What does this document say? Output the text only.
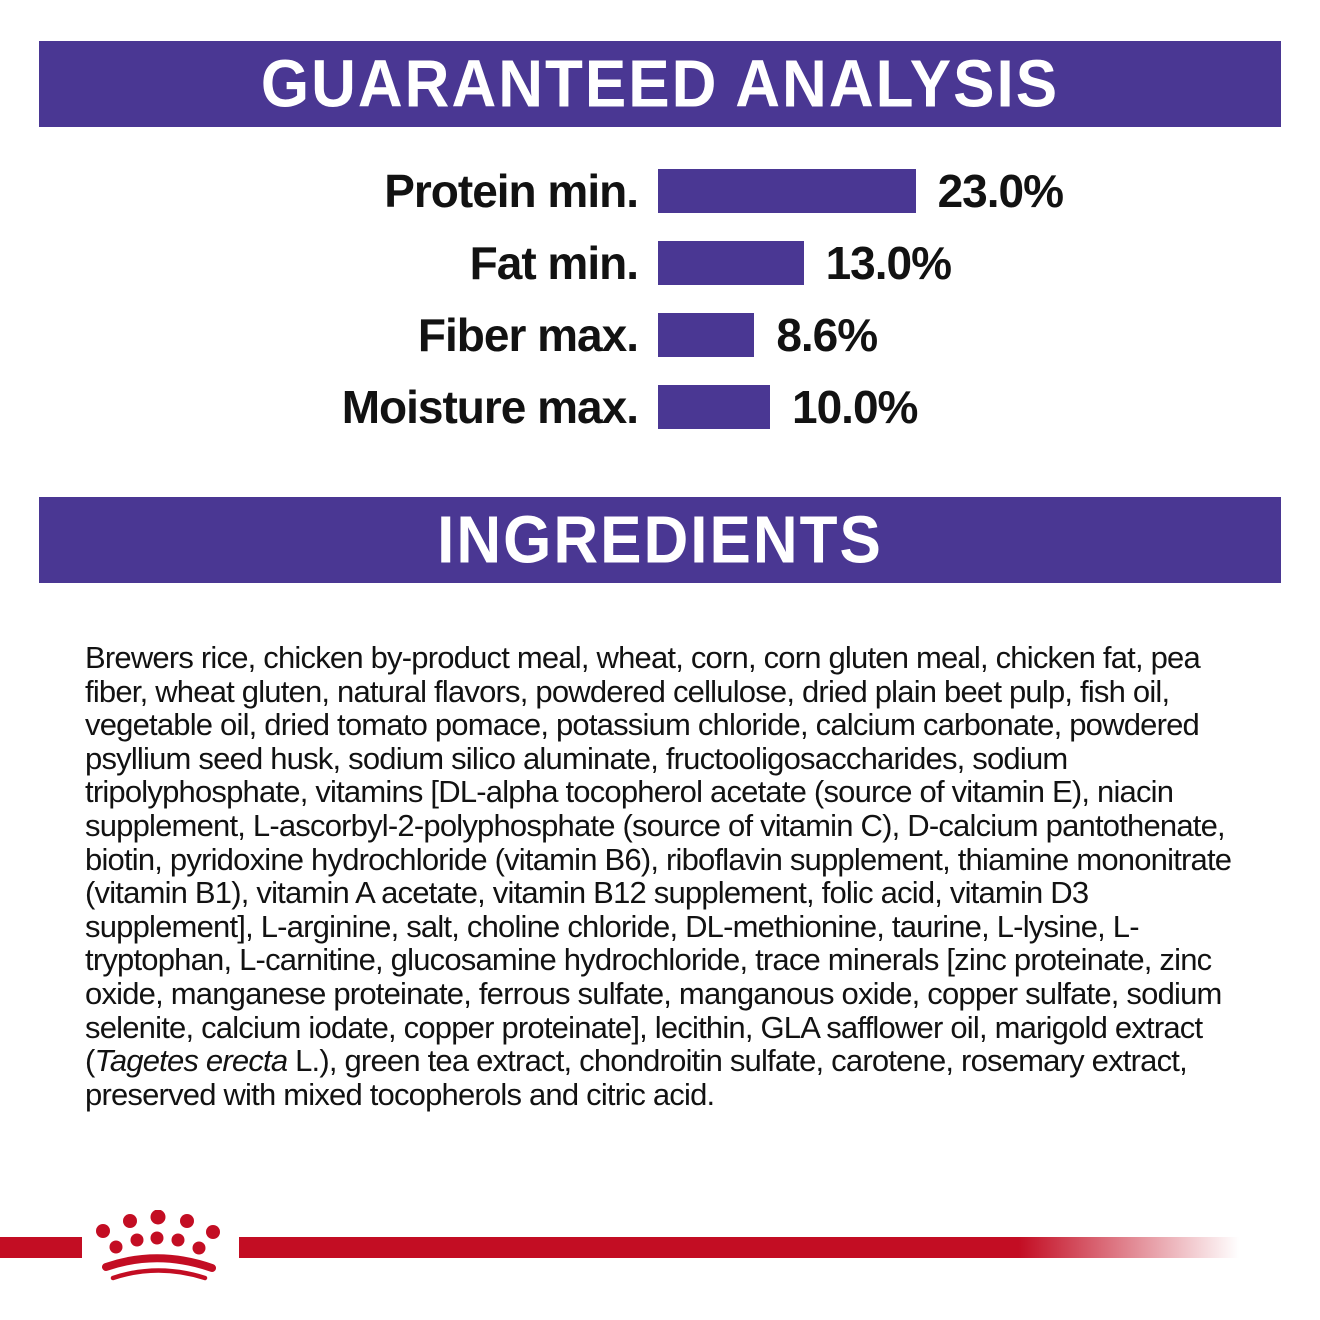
GUARANTEED ANALYSIS
Protein min.	23.0%
Fat min.	13.0%
Fiber max.	8.6%
Moisture max.	10.0%
INGREDIENTS

Brewers rice, chicken by-product meal, wheat, corn, corn gluten meal, chicken fat, pea fiber, wheat gluten, natural flavors, powdered cellulose, dried plain beet pulp, fish oil, vegetable oil, dried tomato pomace, potassium chloride, calcium carbonate, powdered psyllium seed husk, sodium silico aluminate, fructooligosaccharides, sodium tripolyphosphate, vitamins [DL-alpha tocopherol acetate (source of vitamin E), niacin supplement, L-ascorbyl-2-polyphosphate (source of vitamin C), D-calcium pantothenate, biotin, pyridoxine hydrochloride (vitamin B6), riboflavin supplement, thiamine mononitrate (vitamin B1), vitamin A acetate, vitamin B12 supplement, folic acid, vitamin D3 supplement], L-arginine, salt, choline chloride, DL-methionine, taurine, L-lysine, L-tryptophan, L-carnitine, glucosamine hydrochloride, trace minerals [zinc proteinate, zinc oxide, manganese proteinate, ferrous sulfate, manganous oxide, copper sulfate, sodium selenite, calcium iodate, copper proteinate], lecithin, GLA safflower oil, marigold extract (Tagetes erecta L.), green tea extract, chondroitin sulfate, carotene, rosemary extract, preserved with mixed tocopherols and citric acid.
